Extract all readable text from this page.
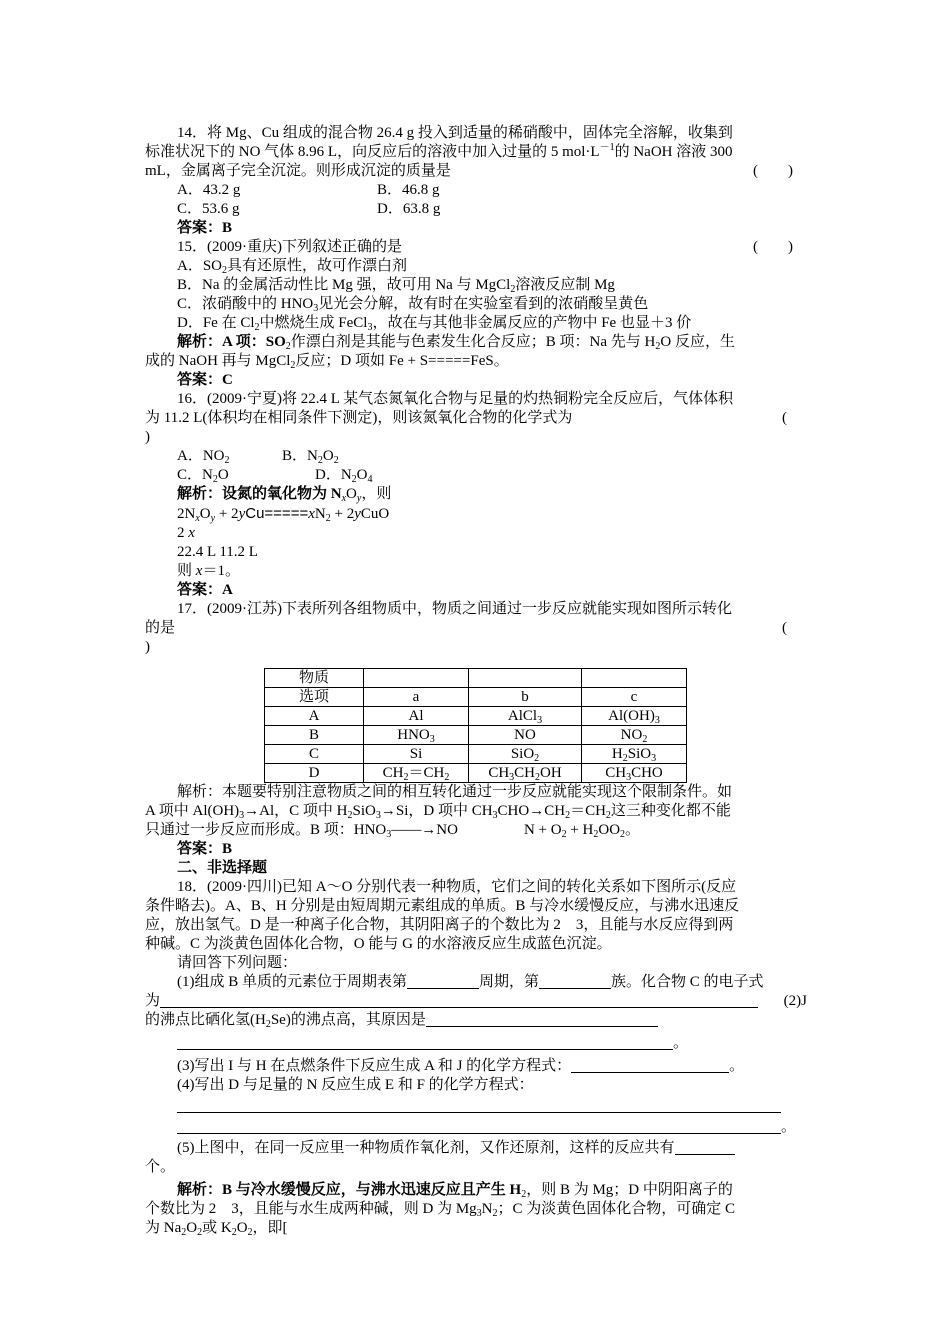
14．将 Mg、Cu 组成的混合物 26.4 g 投入到适量的稀硝酸中，固体完全溶解，收集到

标准状况下的 NO 气体 8.96 L，向反应后的溶液中加入过量的 5 $mol\cdot L^{-1}$的 NaOH 溶液 300

mL，金属离子完全沉淀。则形成沉淀的质量是	(　　)

A．43.2 g	B．46.8 g

C．53.6 g	D．63.8 g

答案：B

15．(2009·重庆)下列叙述正确的是	(　　)

A．$SO_2$具有还原性，故可作漂白剂

B．Na 的金属活动性比 Mg 强，故可用 Na 与 MgCl$_2$溶液反应制 Mg

C．浓硝酸中的 $HNO_3$见光会分解，故有时在实验室看到的浓硝酸呈黄色

D．Fe 在 $Cl_2$中燃烧生成 FeCl$_3$，故在与其他非金属反应的产物中 Fe 也显＋3 价

解析：A 项：$SO_2$作漂白剂是其能与色素发生化合反应；B 项：Na 先与 $H_2O$ 反应，生

成的 NaOH 再与 MgCl$_2$反应；D 项如 Fe + S=====FeS。

答案：C

16．(2009·宁夏)将 22.4 L 某气态氮氧化合物与足量的灼热铜粉完全反应后，气体体积

为 11.2 L(体积均在相同条件下测定)，则该氮氧化合物的化学式为	(

)

A．$NO_2$	B．$N_2O_2$

C．$N_2O$	D．$N_2O_4$

解析：设氮的氧化物为 $N_xO_y$，则

$2N_xO_y + 2yCu=====xN_2$ + 2yCuO

2 x

22.4 L 11.2 L

则 x＝1。

答案：A

17．(2009·江苏)下表所列各组物质中，物质之间通过一步反应就能实现如图所示转化

的是	(

)

物质			
选项	a	b	c
A	Al	AlCl$_3$	$Al(OH)_3$
B	$HNO_3$	NO	$NO_2$
C	Si	SiO$_2$	$H_2SiO_3$
D	$CH_2=CH_2$	$CH_3CH_2OH$	$CH_3CHO$

解析：本题要特别注意物质之间的相互转化通过一步反应就能实现这个限制条件。如

A 项中 $Al(OH)_3\to Al$，C 项中 $H_2SiO_3\to Si$，D 项中 $CH_3CHO\to CH_2=CH_2$这三种变化都不能

只通过一步反应而形成。B 项：$HNO_3——\to NO$	$N + O_2 + H_2OO_2$。

答案：B

二、非选择题

18．(2009·四川)已知 A～O 分别代表一种物质，它们之间的转化关系如下图所示(反应

条件略去)。A、B、H 分别是由短周期元素组成的单质。B 与冷水缓慢反应，与沸水迅速反

应，放出氢气。D 是一种离子化合物，其阴阳离子的个数比为 2　3，且能与水反应得到两

种碱。C 为淡黄色固体化合物，O 能与 G 的水溶液反应生成蓝色沉淀。

请回答下列问题：

(1)组成 B 单质的元素位于周期表第	周期，第	族。化合物 C 的电子式

为	(2)J

的沸点比硒化氢$(H_2Se)$的沸点高，其原因是

。

(3)写出 I 与 H 在点燃条件下反应生成 A 和 J 的化学方程式：	。

(4)写出 D 与足量的 N 反应生成 E 和 F 的化学方程式：

。

(5)上图中，在同一反应里一种物质作氧化剂，又作还原剂，这样的反应共有

个。

解析：B 与冷水缓慢反应，与沸水迅速反应且产生 $H_2$，则 B 为 Mg；D 中阴阳离子的

个数比为 2　3，且能与水生成两种碱，则 D 为 $Mg_3N_2$；C 为淡黄色固体化合物，可确定 C

为 $Na_2O_2$或 $K_2O_2$，即[
